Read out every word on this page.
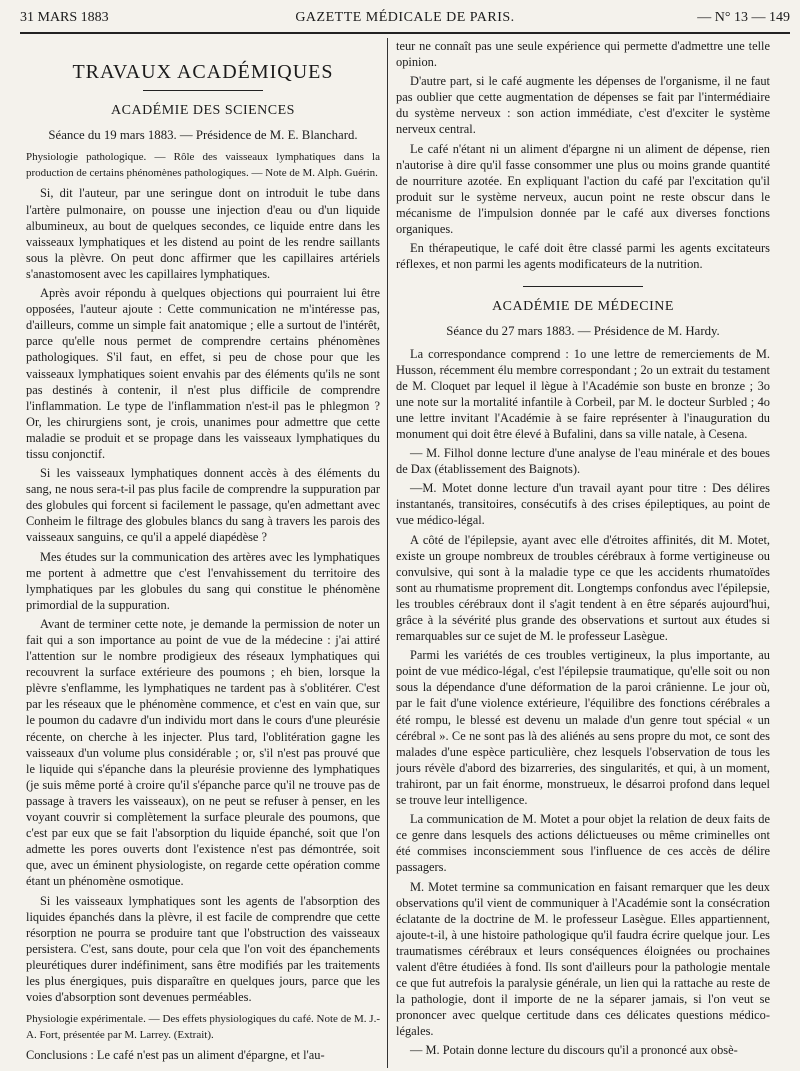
31 MARS 1883	GAZETTE MÉDICALE DE PARIS.	— N° 13 — 149
TRAVAUX ACADÉMIQUES
ACADÉMIE DES SCIENCES
Séance du 19 mars 1883. — Présidence de M. E. Blanchard.

Physiologie pathologique. — Rôle des vaisseaux lymphatiques dans la production de certains phénomènes pathologiques. — Note de M. Alph. Guérin.

Si, dit l'auteur, par une seringue dont on introduit le tube dans l'artère pulmonaire, on pousse une injection d'eau ou d'un liquide albumineux, au bout de quelques secondes, ce liquide entre dans les vaisseaux lymphatiques et les distend au point de les rendre saillants sous la plèvre. On peut donc affirmer que les capillaires artériels s'anastomosent avec les capillaires lymphatiques.

Après avoir répondu à quelques objections qui pourraient lui être opposées, l'auteur ajoute : Cette communication ne m'intéresse pas, d'ailleurs, comme un simple fait anatomique ; elle a surtout de l'intérêt, parce qu'elle nous permet de comprendre certains phénomènes pathologiques. S'il faut, en effet, si peu de chose pour que les vaisseaux lymphatiques soient envahis par des éléments qu'ils ne sont pas destinés à contenir, il n'est plus difficile de comprendre l'inflammation. Le type de l'inflammation n'est-il pas le phlegmon ? Or, les chirurgiens sont, je crois, unanimes pour admettre que cette maladie se produit et se propage dans les vaisseaux lymphatiques du tissu conjonctif.

Si les vaisseaux lymphatiques donnent accès à des éléments du sang, ne nous sera-t-il pas plus facile de comprendre la suppuration par des globules qui forcent si facilement le passage, qu'en admettant avec Conheim le filtrage des globules blancs du sang à travers les parois des vaisseaux sanguins, ce qu'il a appelé diapédèse ?

Mes études sur la communication des artères avec les lymphatiques me portent à admettre que c'est l'envahissement du territoire des lymphatiques par les globules du sang qui constitue le phénomène primordial de la suppuration.

Avant de terminer cette note, je demande la permission de noter un fait qui a son importance au point de vue de la médecine : j'ai attiré l'attention sur le nombre prodigieux des réseaux lymphatiques qui recouvrent la surface extérieure des poumons ; eh bien, lorsque la plèvre s'enflamme, les lymphatiques ne tardent pas à s'oblitérer. C'est par les réseaux que le phénomène commence, et c'est en vain que, sur le poumon du cadavre d'un individu mort dans le cours d'une pleurésie récente, on cherche à les injecter. Plus tard, l'oblitération gagne les vaisseaux d'un volume plus considérable ; or, s'il n'est pas prouvé que le liquide qui s'épanche dans la pleurésie provienne des lymphatiques (je suis même porté à croire qu'il s'épanche parce qu'il ne trouve pas de passage à travers les vaisseaux), on ne peut se refuser à penser, en les voyant couvrir si complètement la surface pleurale des poumons, que c'est par eux que se fait l'absorption du liquide épanché, soit que l'on admette les pores ouverts dont l'existence n'est pas démontrée, soit que, avec un éminent physiologiste, on regarde cette opération comme étant un phénomène osmotique.

Si les vaisseaux lymphatiques sont les agents de l'absorption des liquides épanchés dans la plèvre, il est facile de comprendre que cette résorption ne pourra se produire tant que l'obstruction des vaisseaux persistera. C'est, sans doute, pour cela que l'on voit des épanchements pleurétiques durer indéfiniment, sans être modifiés par les traitements les plus énergiques, puis disparaître en quelques jours, parce que les voies d'absorption sont devenues perméables.

Physiologie expérimentale. — Des effets physiologiques du café. Note de M. J.-A. Fort, présentée par M. Larrey. (Extrait).

Conclusions : Le café n'est pas un aliment d'épargne, et l'au-

teur ne connaît pas une seule expérience qui permette d'admettre une telle opinion.

D'autre part, si le café augmente les dépenses de l'organisme, il ne faut pas oublier que cette augmentation de dépenses se fait par l'intermédiaire du système nerveux : son action immédiate, c'est d'exciter le système nerveux central.

Le café n'étant ni un aliment d'épargne ni un aliment de dépense, rien n'autorise à dire qu'il fasse consommer une plus ou moins grande quantité de nourriture azotée. En expliquant l'action du café par l'excitation qu'il produit sur le système nerveux, aucun point ne reste obscur dans le mécanisme de l'impulsion donnée par le café aux diverses fonctions organiques.

En thérapeutique, le café doit être classé parmi les agents excitateurs réflexes, et non parmi les agents modificateurs de la nutrition.

ACADÉMIE DE MÉDECINE
Séance du 27 mars 1883. — Présidence de M. Hardy.

La correspondance comprend : 1o une lettre de remerciements de M. Husson, récemment élu membre correspondant ; 2o un extrait du testament de M. Cloquet par lequel il lègue à l'Académie son buste en bronze ; 3o une note sur la mortalité infantile à Corbeil, par M. le docteur Surbled ; 4o une lettre invitant l'Académie à se faire représenter à l'inauguration du monument qui doit être élevé à Bufalini, dans sa ville natale, à Cesena.

— M. Filhol donne lecture d'une analyse de l'eau minérale et des boues de Dax (établissement des Baignots).

—M. Motet donne lecture d'un travail ayant pour titre : Des délires instantanés, transitoires, consécutifs à des crises épileptiques, au point de vue médico-légal.

A côté de l'épilepsie, ayant avec elle d'étroites affinités, dit M. Motet, existe un groupe nombreux de troubles cérébraux à forme vertigineuse ou convulsive, qui sont à la maladie type ce que les accidents rhumatoïdes sont au rhumatisme proprement dit. Longtemps confondus avec l'épilepsie, les troubles cérébraux dont il s'agit tendent à en être séparés aujourd'hui, grâce à la sévérité plus grande des observations et surtout aux études si remarquables sur ce sujet de M. le professeur Lasègue.

Parmi les variétés de ces troubles vertigineux, la plus importante, au point de vue médico-légal, c'est l'épilepsie traumatique, qu'elle soit ou non sous la dépendance d'une déformation de la paroi crânienne. Le jour où, par le fait d'une violence extérieure, l'équilibre des fonctions cérébrales a été rompu, le blessé est devenu un malade d'un genre tout spécial « un cérébral ». Ce ne sont pas là des aliénés au sens propre du mot, ce sont des malades d'une espèce particulière, chez lesquels l'observation de tous les jours révèle d'abord des bizarreries, des singularités, et qui, à un moment, trahiront, par un fait énorme, monstrueux, le désarroi profond dans lequel se trouve leur intelligence.

La communication de M. Motet a pour objet la relation de deux faits de ce genre dans lesquels des actions délictueuses ou même criminelles ont été commises inconsciemment sous l'influence de ces accès de délire passagers.

M. Motet termine sa communication en faisant remarquer que les deux observations qu'il vient de communiquer à l'Académie sont la consécration éclatante de la doctrine de M. le professeur Lasègue. Elles appartiennent, ajoute-t-il, à une histoire pathologique qu'il faudra écrire quelque jour. Les traumatismes cérébraux et leurs conséquences éloignées ou prochaines valent d'être étudiées à fond. Ils sont d'ailleurs pour la pathologie mentale ce que fut autrefois la paralysie générale, un lien qui la rattache au reste de la pathologie, dont il importe de ne la séparer jamais, si l'on veut se prononcer avec quelque certitude dans ces délicates questions médico-légales.

— M. Potain donne lecture du discours qu'il a prononcé aux obsè-
